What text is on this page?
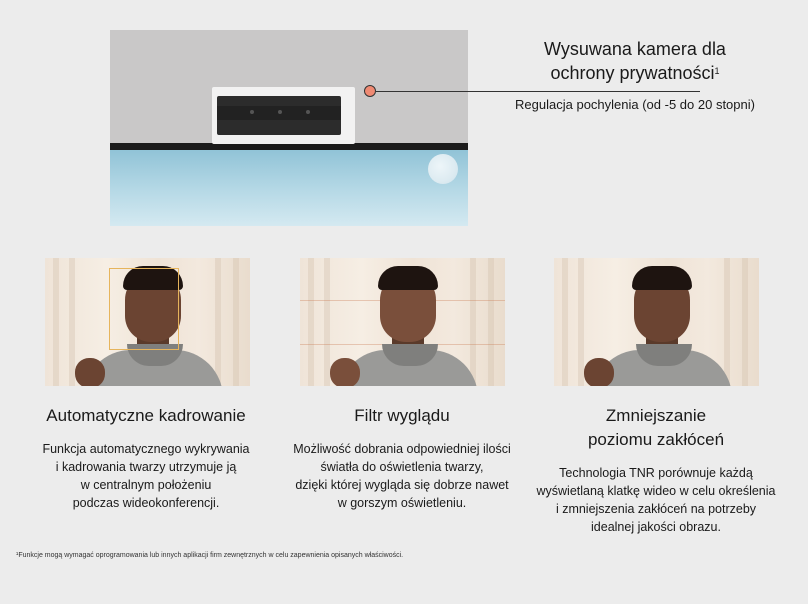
Wysuwana kamera dla
ochrony prywatności$^1$
Regulacja pochylenia (od -5 do 20 stopni)
Automatyczne kadrowanie
Funkcja automatycznego wykrywania
i kadrowania twarzy utrzymuje ją
w centralnym położeniu
podczas wideokonferencji.
Filtr wyglądu
Możliwość dobrania odpowiedniej ilości
światła do oświetlenia twarzy,
dzięki której wygląda się dobrze nawet
w gorszym oświetleniu.
Zmniejszanie
poziomu zakłóceń
Technologia TNR porównuje każdą
wyświetlaną klatkę wideo w celu określenia
i zmniejszenia zakłóceń na potrzeby
idealnej jakości obrazu.
¹Funkcje mogą wymagać oprogramowania lub innych aplikacji firm zewnętrznych w celu zapewnienia opisanych właściwości.
